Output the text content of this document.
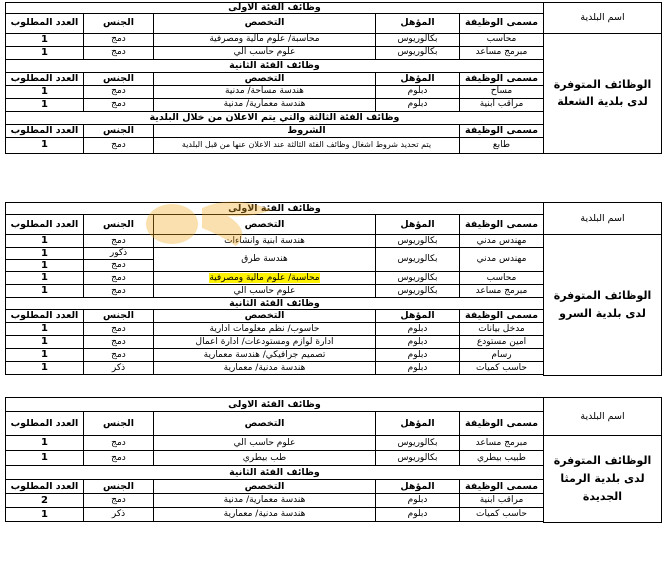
اسم البلدية	وظائف الفئة الاولى				
	مسمى الوظيفة	المؤهل	التخصص	الجنس	العدد المطلوب
الوظائف المتوفرة لدى بلدية الشعلة	محاسب	بكالوريوس	محاسبة/ علوم مالية ومصرفية	دمج	1
	مبرمج مساعد	بكالوريوس	علوم حاسب الي	دمج	1
	وظائف الفئة الثانية				
	مسمى الوظيفة	المؤهل	التخصص	الجنس	العدد المطلوب
	مساح	دبلوم	هندسة مساحة/ مدنية	دمج	1
	مراقب ابنية	دبلوم	هندسة معمارية/ مدنية	دمج	1
	وظائف الفئة الثالثة والتي يتم الاعلان من خلال البلدية				
	مسمى الوظيفة	الشروط		الجنس	العدد المطلوب
	طابع	يتم تحديد شروط اشغال وظائف الفئة الثالثة عند الاعلان عنها من قبل البلدية		دمج	1

اسم البلدية	وظائف الفئة الاولى				
	مسمى الوظيفة	المؤهل	التخصص	الجنس	العدد المطلوب
الوظائف المتوفرة لدى بلدية السرو	مهندس مدني	بكالوريوس	هندسة ابنية وانشاءات	دمج	1
	مهندس مدني	بكالوريوس	هندسة طرق	ذكور	1
				دمج	1
	محاسب	بكالوريوس	محاسبة/ علوم مالية ومصرفية	دمج	1
	مبرمج مساعد	بكالوريوس	علوم حاسب الي	دمج	1
	وظائف الفئة الثانية				
	مسمى الوظيفة	المؤهل	التخصص	الجنس	العدد المطلوب
	مدخل بيانات	دبلوم	حاسوب/ نظم معلومات ادارية	دمج	1
	امين مستودع	دبلوم	ادارة لوازم ومستودعات/ ادارة اعمال	دمج	1
	رسام	دبلوم	تصميم جرافيكي/ هندسة معمارية	دمج	1
	حاسب كميات	دبلوم	هندسة مدنية/ معمارية	ذكر	1

اسم البلدية	وظائف الفئة الاولى				
	مسمى الوظيفة	المؤهل	التخصص	الجنس	العدد المطلوب
الوظائف المتوفرة لدى بلدية الرمثا الجديدة	مبرمج مساعد	بكالوريوس	علوم حاسب الي	دمج	1
	طبيب بيطري	بكالوريوس	طب بيطري	دمج	1
	وظائف الفئة الثانية				
	مسمى الوظيفة	المؤهل	التخصص	الجنس	العدد المطلوب
	مراقب ابنية	دبلوم	هندسة معمارية/ مدنية	دمج	2
	حاسب كميات	دبلوم	هندسة مدنية/ معمارية	ذكر	1
